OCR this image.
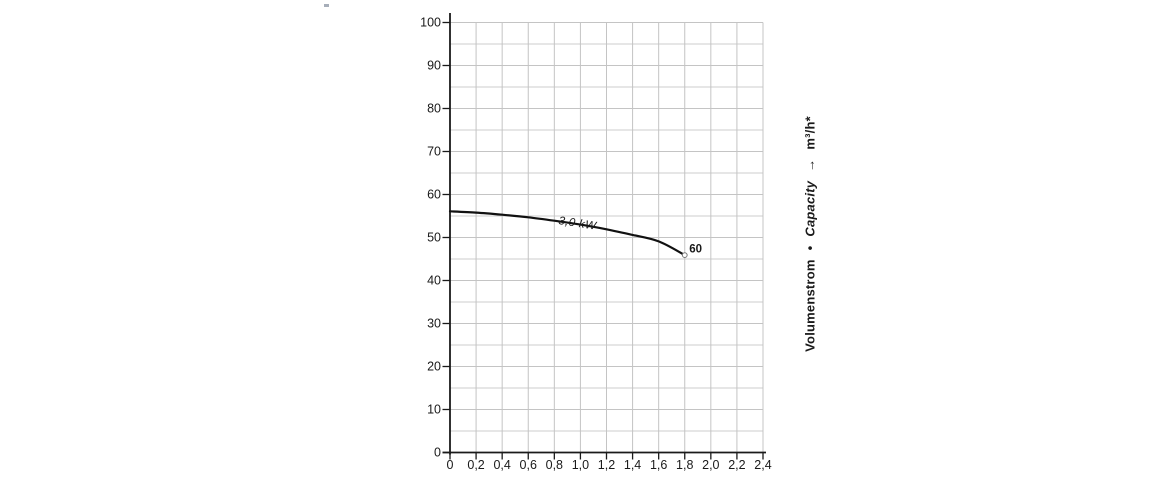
0
10
20
30
40
50
60
70
80
90
100
0 0,2 0,4 0,6 0,8 1,0 1,2 1,4 1,6 1,8 2,0 2,2 2,4
3,0 kW
60
Volumenstrom
•
Capacity
→
m³/h*
